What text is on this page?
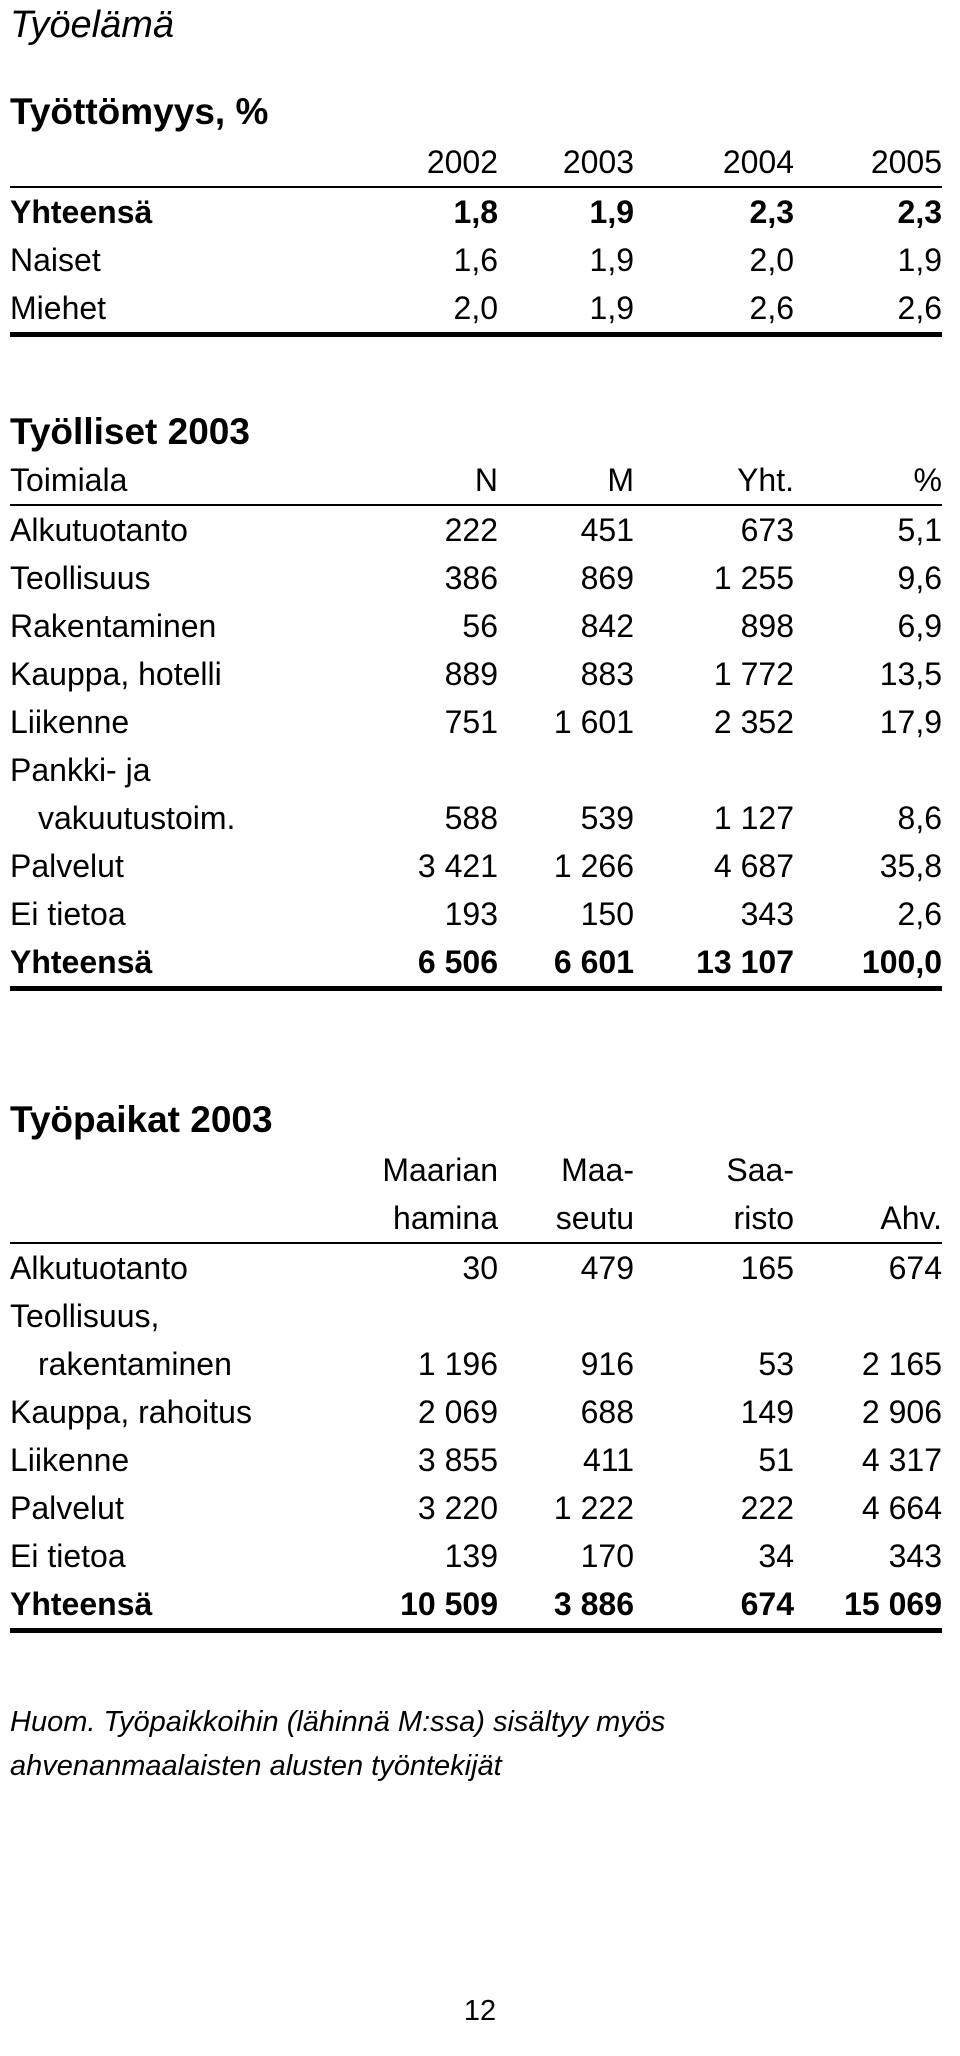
Työelämä
Työttömyys, %
	2002	2003	2004	2005
Yhteensä	1,8	1,9	2,3	2,3
Naiset	1,6	1,9	2,0	1,9
Miehet	2,0	1,9	2,6	2,6
Työlliset 2003
Toimiala	N	M	Yht.	%
Alkutuotanto	222	451	673	5,1
Teollisuus	386	869	1 255	9,6
Rakentaminen	56	842	898	6,9
Kauppa, hotelli	889	883	1 772	13,5
Liikenne	751	1 601	2 352	17,9
Pankki- ja				
vakuutustoim.	588	539	1 127	8,6
Palvelut	3 421	1 266	4 687	35,8
Ei tietoa	193	150	343	2,6
Yhteensä	6 506	6 601	13 107	100,0
Työpaikat 2003
	Maarian	Maa-	Saa-	
	hamina	seutu	risto	Ahv.
Alkutuotanto	30	479	165	674
Teollisuus,				
rakentaminen	1 196	916	53	2 165
Kauppa, rahoitus	2 069	688	149	2 906
Liikenne	3 855	411	51	4 317
Palvelut	3 220	1 222	222	4 664
Ei tietoa	139	170	34	343
Yhteensä	10 509	3 886	674	15 069
Huom. Työpaikkoihin (lähinnä M:ssa) sisältyy myös
ahvenanmaalaisten alusten työntekijät
12
